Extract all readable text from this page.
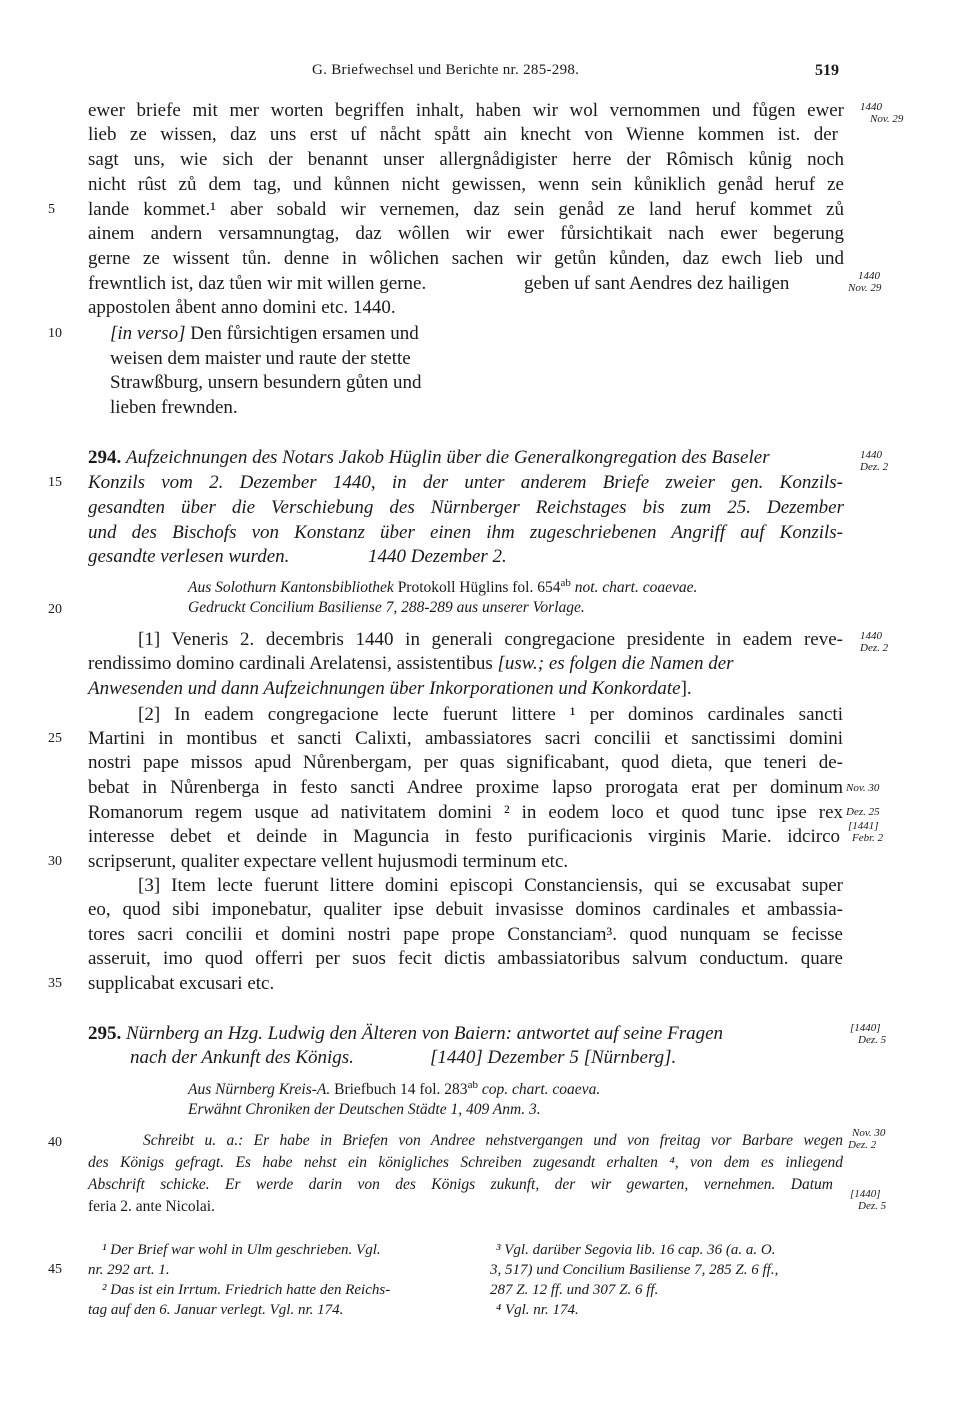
G. Briefwechsel und Berichte nr. 285-298.	519
ewer briefe mit mer worten begriffen inhalt, haben wir wol vernommen und fůgen ewer
lieb ze wissen, daz uns erst uf nåcht spått ain knecht von Wienne kommen ist. der
sagt uns, wie sich der benannt unser allergnådigister herre der Rômisch kůnig noch
nicht rûst zů dem tag, und kůnnen nicht gewissen, wenn sein kůniklich genåd heruf ze
lande kommet.¹ aber sobald wir vernemen, daz sein genåd ze land heruf kommet zů
ainem andern versamnungtag, daz wôllen wir ewer fůrsichtikait nach ewer begerung
gerne ze wissent tůn. denne in wôlichen sachen wir getůn kůnden, daz ewch lieb und
frewntlich ist, daz tůen wir mit willen gerne.	geben uf sant Aendres dez hailigen
appostolen åbent anno domini etc. 1440.
[in verso] Den fůrsichtigen ersamen und
weisen dem maister und raute der stette
Strawßburg, unsern besundern gůten und
lieben frewnden.
294. Aufzeichnungen des Notars Jakob Hüglin über die Generalkongregation des Baseler
Konzils vom 2. Dezember 1440, in der unter anderem Briefe zweier gen. Konzils-
gesandten über die Verschiebung des Nürnberger Reichstages bis zum 25. Dezember
und des Bischofs von Konstanz über einen ihm zugeschriebenen Angriff auf Konzils-
gesandte verlesen wurden.	1440 Dezember 2.
Aus Solothurn Kantonsbibliothek Protokoll Hüglins fol. $654^{ab}$ not. chart. coaevae.
Gedruckt Concilium Basiliense 7, 288-289 aus unserer Vorlage.
[1] Veneris 2. decembris 1440 in generali congregacione presidente in eadem reve-
rendissimo domino cardinali Arelatensi, assistentibus [usw.; es folgen die Namen der
Anwesenden und dann Aufzeichnungen über Inkorporationen und Konkordate].
[2] In eadem congregacione lecte fuerunt littere ¹ per dominos cardinales sancti
Martini in montibus et sancti Calixti, ambassiatores sacri concilii et sanctissimi domini
nostri pape missos apud Nůrenbergam, per quas significabant, quod dieta, que teneri de-
bebat in Nůrenberga in festo sancti Andree proxime lapso prorogata erat per dominum
Romanorum regem usque ad nativitatem domini ² in eodem loco et quod tunc ipse rex
interesse debet et deinde in Maguncia in festo purificacionis virginis Marie. idcirco
scripserunt, qualiter expectare vellent hujusmodi terminum etc.
[3] Item lecte fuerunt littere domini episcopi Constanciensis, qui se excusabat super
eo, quod sibi imponebatur, qualiter ipse debuit invasisse dominos cardinales et ambassia-
tores sacri concilii et domini nostri pape prope Constanciam³. quod nunquam se fecisse
asseruit, imo quod offerri per suos fecit dictis ambassiatoribus salvum conductum. quare
supplicabat excusari etc.
295. Nürnberg an Hzg. Ludwig den Älteren von Baiern: antwortet auf seine Fragen
nach der Ankunft des Königs.	[1440] Dezember 5 [Nürnberg].
Aus Nürnberg Kreis-A. Briefbuch 14 fol. $283^{ab}$ cop. chart. coaeva.
Erwähnt Chroniken der Deutschen Städte 1, 409 Anm. 3.
Schreibt u. a.: Er habe in Briefen von Andree nehstvergangen und von freitag vor Barbare wegen
des Königs gefragt. Es habe nehst ein königliches Schreiben zugesandt erhalten ⁴, von dem es inliegend
Abschrift schicke. Er werde darin von des Königs zukunft, der wir gewarten, vernehmen. Datum
feria 2. ante Nicolai.
¹ Der Brief war wohl in Ulm geschrieben. Vgl.
nr. 292 art. 1.
² Das ist ein Irrtum. Friedrich hatte den Reichs-
tag auf den 6. Januar verlegt. Vgl. nr. 174.
³ Vgl. darüber Segovia lib. 16 cap. 36 (a. a. O.
3, 517) und Concilium Basiliense 7, 285 Z. 6 ff.,
287 Z. 12 ff. und 307 Z. 6 ff.
⁴ Vgl. nr. 174.
5
10
15
20
25
30
35
40
45
1440
Nov. 29
1440
Nov. 29
1440
Dez. 2
1440
Dez. 2
Nov. 30
Dez. 25
[1441]
Febr. 2
[1440]
Dez. 5
Nov. 30
Dez. 2
[1440]
Dez. 5
